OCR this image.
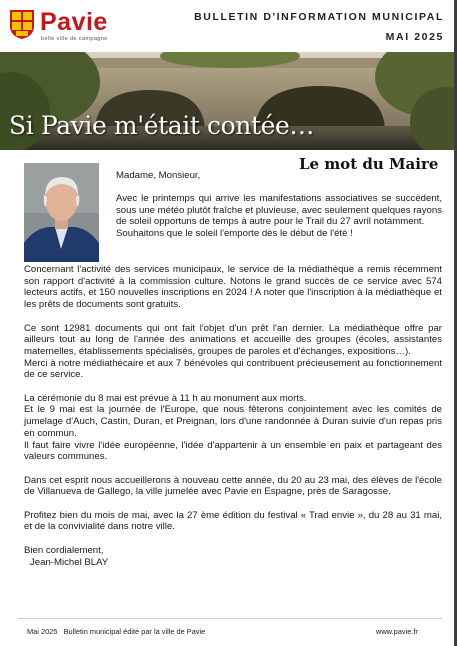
Pavie
belle ville de campagne
BULLETIN D'INFORMATION MUNICIPAL
MAI 2025
Si Pavie m'était contée…
Le mot du Maire
Madame, Monsieur,

Avec le printemps qui arrive les manifestations associatives se succèdent, sous une météo plutôt fraîche et pluvieuse, avec seulement quelques rayons de soleil opportuns de temps à autre pour le Trail du 27 avril notamment.

Souhaitons que le soleil l'emporte dès le début de l'été !

Concernant l'activité des services municipaux, le service de la médiathèque a remis récemment son rapport d'activité à la commission culture. Notons le grand succès de ce service avec 574 lecteurs actifs, et 150 nouvelles inscriptions en 2024 ! A noter que l'inscription à la médiathèque et les prêts de documents sont gratuits.

Ce sont 12981 documents qui ont fait l'objet d'un prêt l'an dernier. La médiathèque offre par ailleurs tout au long de l'année des animations et accueille des groupes (écoles, assistantes maternelles, établissements spécialisés, groupes de paroles et d'échanges, expositions…).

Merci à notre médiathécaire et aux 7 bénévoles qui contribuent précieusement au fonctionnement de ce service.

La cérémonie du 8 mai est prévue à 11 h au monument aux morts.

Et le 9 mai est la journée de l'Europe, que nous fêterons conjointement avec les comités de jumelage d'Auch, Castin, Duran, et Preignan, lors d'une randonnée à Duran suivie d'un repas pris en commun.

Il faut faire vivre l'idée européenne, l'idée d'appartenir à un ensemble en paix et partageant des valeurs communes.

Dans cet esprit nous accueillerons à nouveau cette année, du 20 au 23 mai, des élèves de l'école de Villanueva de Gallego, la ville jumelée avec Pavie en Espagne, près de Saragosse.

Profitez bien du mois de mai, avec la 27 ème édition du festival « Trad envie », du 28 au 31 mai, et de la convivialité dans notre ville.

Bien cordialement,

Jean-Michel BLAY

Mai 2025   Bulletin municipal édité par la ville de Pavie	www.pavie.fr
